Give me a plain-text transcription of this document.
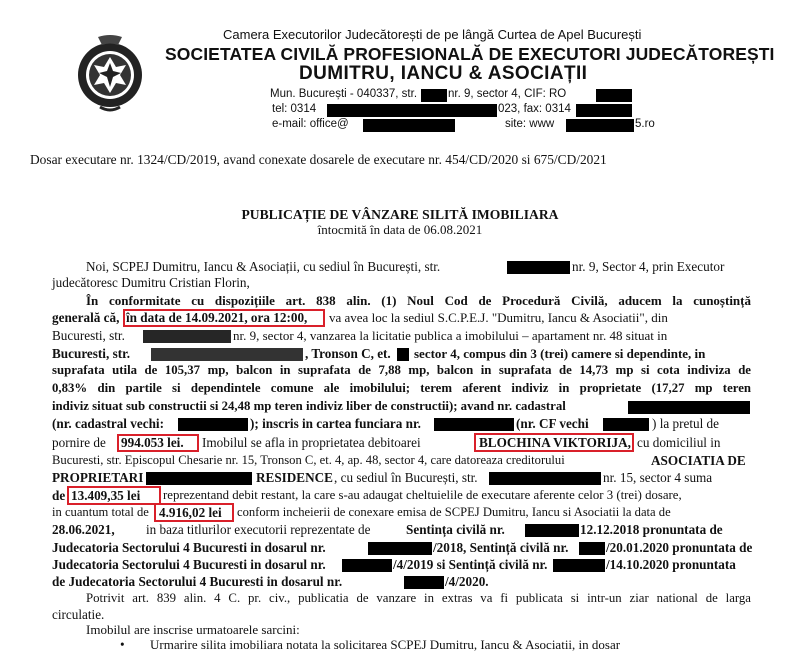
Camera Executorilor Judecătorești de pe lângă Curtea de Apel București
SOCIETATEA CIVILĂ PROFESIONALĂ DE EXECUTORI JUDECĂTOREȘTI
DUMITRU, IANCU & ASOCIAȚII
Mun. București - 040337, str.	nr. 9, sector 4, CIF: RO
tel: 0314	023, fax: 0314
e-mail: office@	site: www	5.ro
Dosar executare nr. 1324/CD/2019, avand conexate dosarele de executare nr. 454/CD/2020 si 675/CD/2021
PUBLICAȚIE DE VÂNZARE SILITĂ IMOBILIARA
întocmită în data de 06.08.2021
Noi, SCPEJ Dumitru, Iancu & Asociații, cu sediul în București, str.	nr. 9, Sector 4, prin Executor
judecătoresc Dumitru Cristian Florin,
În conformitate cu dispozițiile art. 838 alin. (1) Noul Cod de Procedură Civilă, aducem la cunoștință
generală că, în data de 14.09.2021, ora 12:00, va avea loc la sediul S.C.P.E.J. "Dumitru, Iancu & Asociatii", din
Bucuresti, str.	nr. 9, sector 4, vanzarea la licitatie publica a imobilului – apartament nr. 48 situat in
Bucuresti, str.	, Tronson C, et. sector 4, compus din 3 (trei) camere si dependinte, in
suprafata utila de 105,37 mp, balcon in suprafata de 7,88 mp, balcon in suprafata de 14,73 mp si cota indiviza de
0,83% din partile si dependintele comune ale imobilului; terem aferent indiviz in proprietate (17,27 mp teren
indiviz situat sub constructii si 24,48 mp teren indiviz liber de constructii); avand nr. cadastral
(nr. cadastral vechi:	); inscris in cartea funciara nr.	(nr. CF vechi	) la pretul de
pornire de 994.053 lei. Imobilul se afla in proprietatea debitoarei	BLOCHINA VIKTORIJA, cu domiciliul in
Bucuresti, str. Episcopul Chesarie nr. 15, Tronson C, et. 4, ap. 48, sector 4, care datoreaza creditorului	ASOCIATIA DE
PROPRIETARI	RESIDENCE , cu sediul în București, str.	nr. 15, sector 4 suma
de 13.409,35 lei reprezentand debit restant, la care s-au adaugat cheltuielile de executare aferente celor 3 (trei) dosare,
in cuantum total de 4.916,02 lei conform incheierii de conexare emisa de SCPEJ Dumitru, Iancu si Asociatii la data de
28.06.2021, in baza titlurilor executorii reprezentate de	Sentința civilă nr.	12.12.2018 pronuntata de
Judecatoria Sectorului 4 Bucuresti in dosarul nr.	/2018, Sentință civilă nr.	/20.01.2020 pronuntata de
Judecatoria Sectorului 4 Bucuresti in dosarul nr.	/4/2019 si Sentință civilă nr.	/14.10.2020 pronuntata
de Judecatoria Sectorului 4 Bucuresti in dosarul nr.	/4/2020.
Potrivit art. 839 alin. 4 C. pr. civ., publicatia de vanzare in extras va fi publicata si intr-un ziar national de larga
circulatie.
Imobilul are inscrise urmatoarele sarcini:
• Urmarire silita imobiliara notata la solicitarea SCPEJ Dumitru, Iancu & Asociatii, in dosar
